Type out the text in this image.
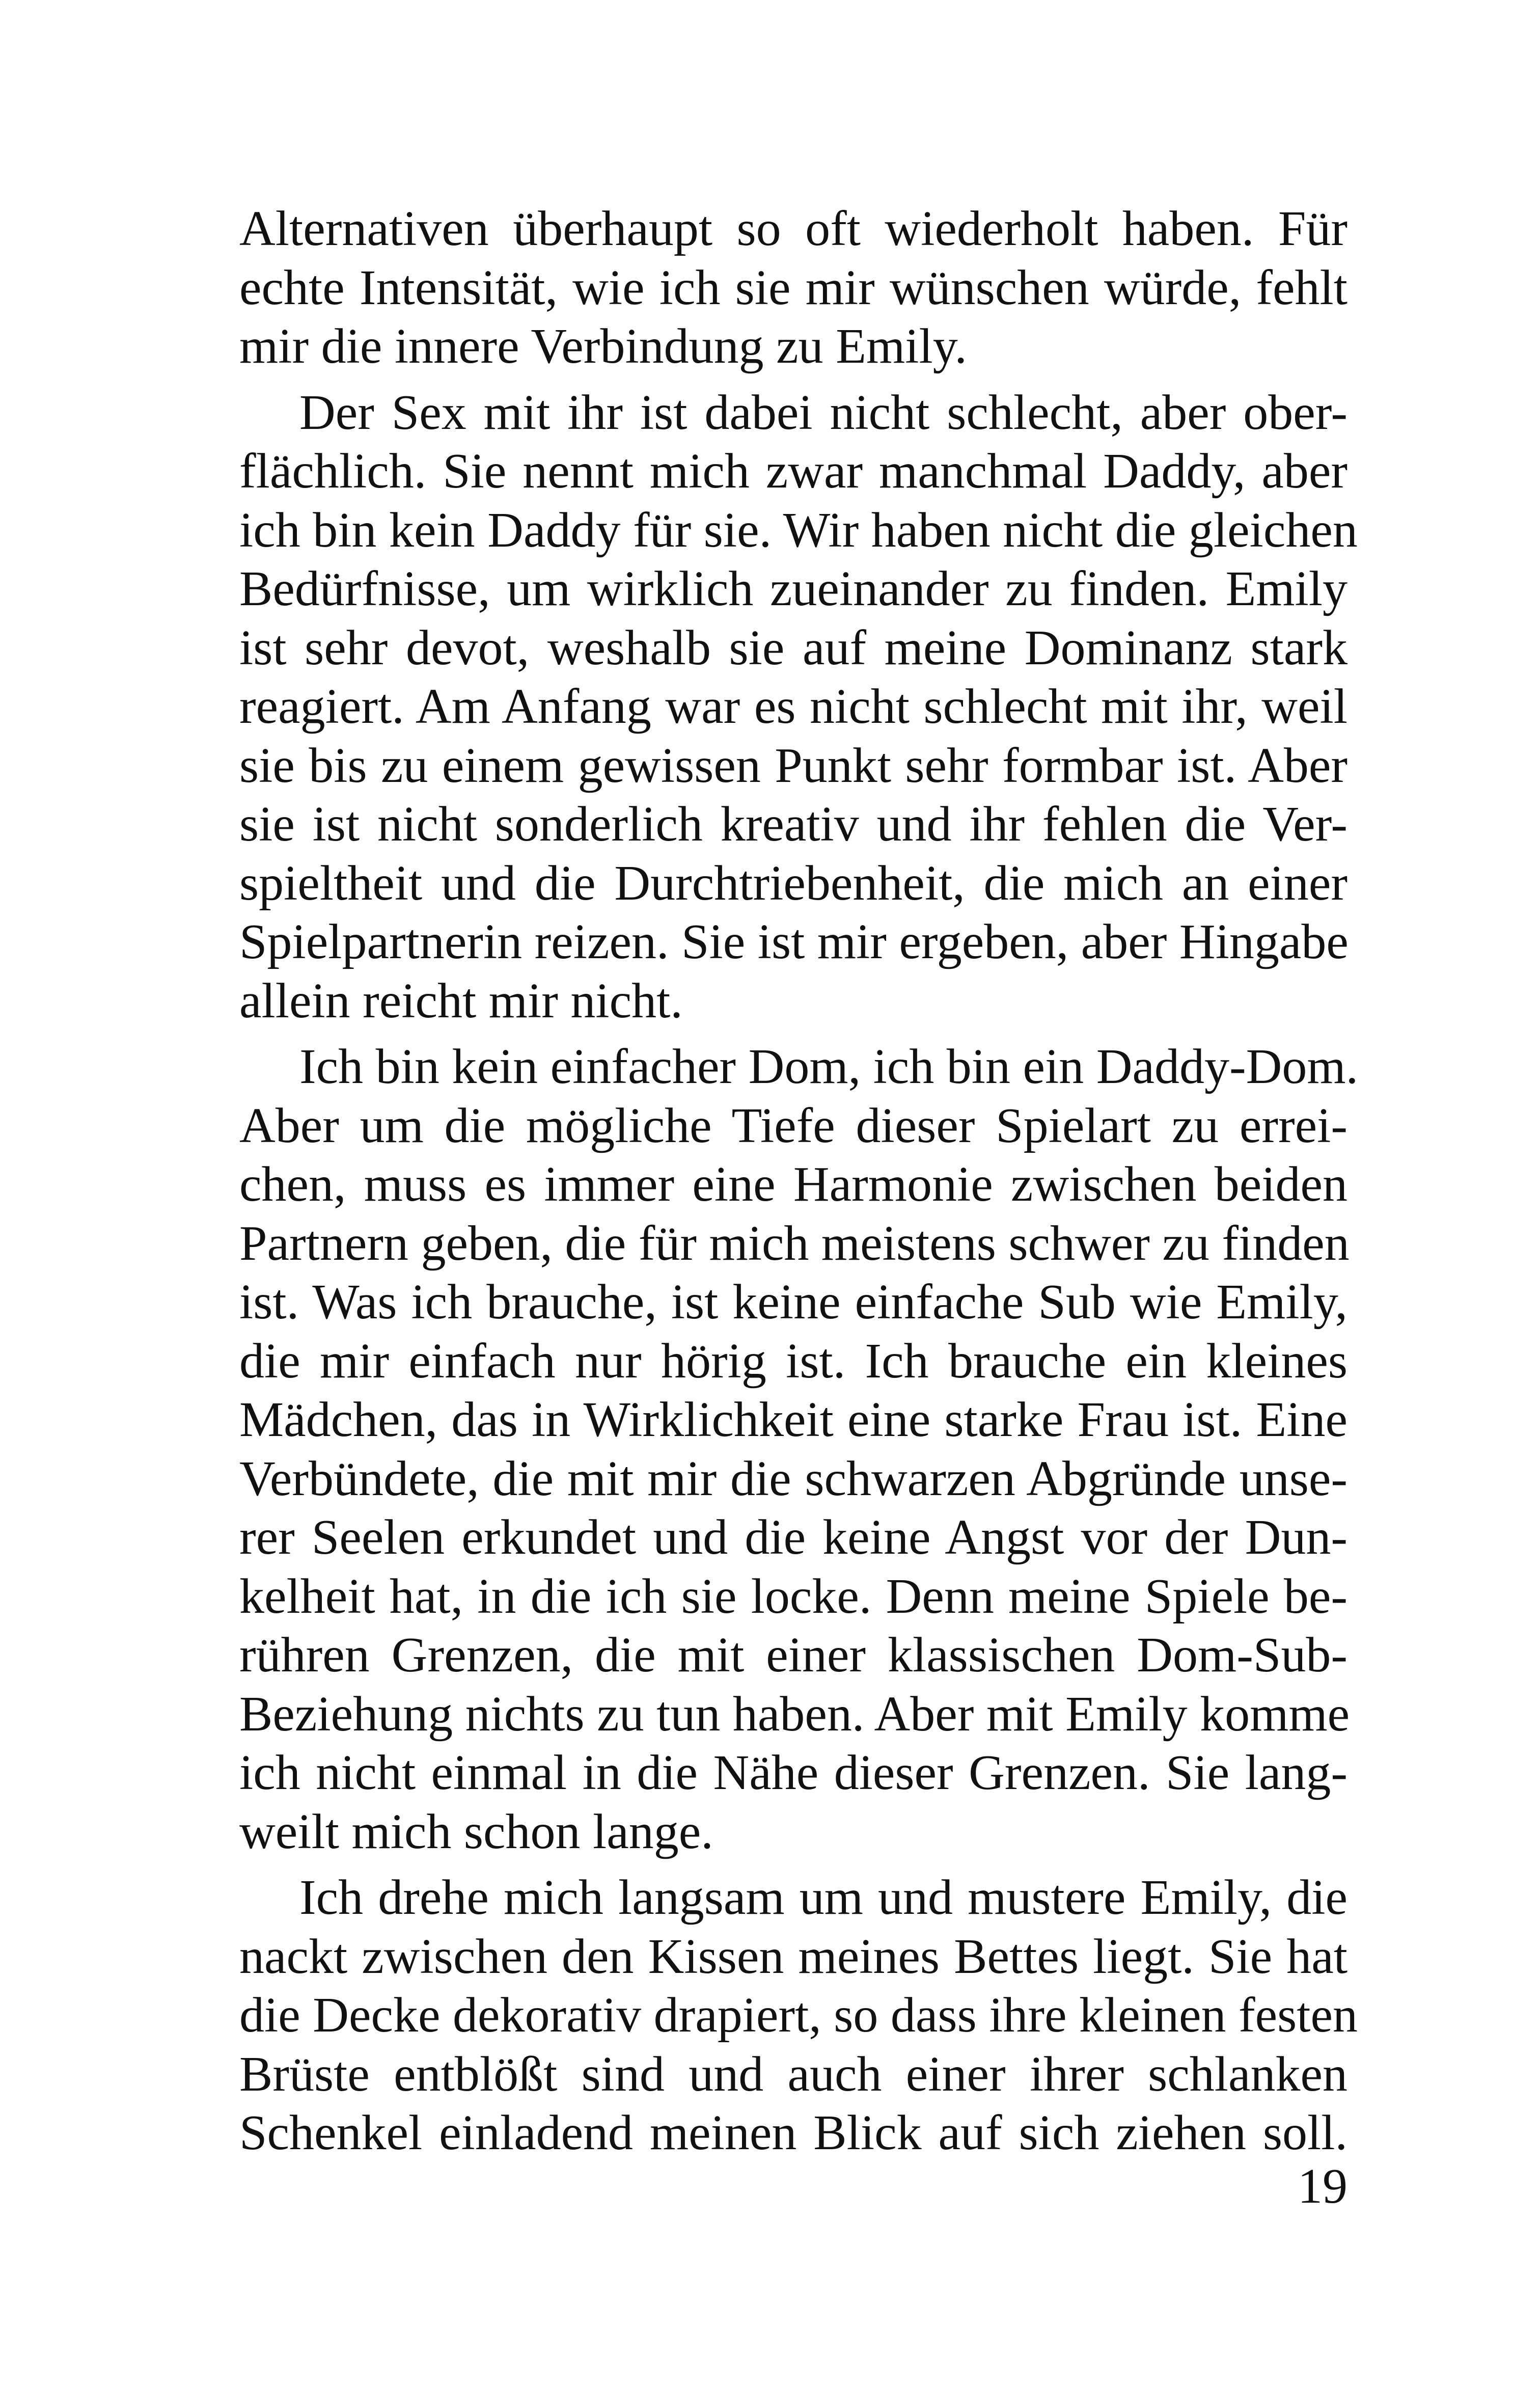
Alternativen überhaupt so oft wiederholt haben. Für
echte Intensität, wie ich sie mir wünschen würde, fehlt
mir die innere Verbindung zu Emily.
Der Sex mit ihr ist dabei nicht schlecht, aber ober-
flächlich. Sie nennt mich zwar manchmal Daddy, aber
ich bin kein Daddy für sie. Wir haben nicht die gleichen
Bedürfnisse, um wirklich zueinander zu finden. Emily
ist sehr devot, weshalb sie auf meine Dominanz stark
reagiert. Am Anfang war es nicht schlecht mit ihr, weil
sie bis zu einem gewissen Punkt sehr formbar ist. Aber
sie ist nicht sonderlich kreativ und ihr fehlen die Ver-
spieltheit und die Durchtriebenheit, die mich an einer
Spielpartnerin reizen. Sie ist mir ergeben, aber Hingabe
allein reicht mir nicht.
Ich bin kein einfacher Dom, ich bin ein Daddy-Dom.
Aber um die mögliche Tiefe dieser Spielart zu errei-
chen, muss es immer eine Harmonie zwischen beiden
Partnern geben, die für mich meistens schwer zu finden
ist. Was ich brauche, ist keine einfache Sub wie Emily,
die mir einfach nur hörig ist. Ich brauche ein kleines
Mädchen, das in Wirklichkeit eine starke Frau ist. Eine
Verbündete, die mit mir die schwarzen Abgründe unse-
rer Seelen erkundet und die keine Angst vor der Dun-
kelheit hat, in die ich sie locke. Denn meine Spiele be-
rühren Grenzen, die mit einer klassischen Dom-Sub-
Beziehung nichts zu tun haben. Aber mit Emily komme
ich nicht einmal in die Nähe dieser Grenzen. Sie lang-
weilt mich schon lange.
Ich drehe mich langsam um und mustere Emily, die
nackt zwischen den Kissen meines Bettes liegt. Sie hat
die Decke dekorativ drapiert, so dass ihre kleinen festen
Brüste entblößt sind und auch einer ihrer schlanken
Schenkel einladend meinen Blick auf sich ziehen soll.
19
